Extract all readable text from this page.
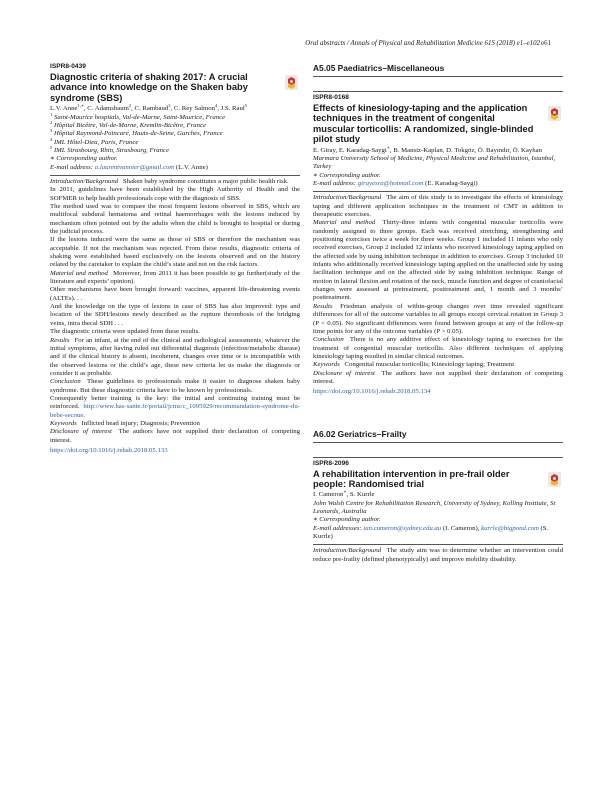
Oral abstracts / Annals of Physical and Rehabilitation Medicine 61S (2018) e1–e102 e61
ISPR8-0439
Diagnostic criteria of shaking 2017: A crucial advance into knowledge on the Shaken baby syndrome (SBS)
L.V. Anne$^{1,∗}$, C. Adamsbaum$^2$, C. Rambaud$^3$, C. Rey Salmon$^4$, J.S. Raul$^5$

$^1$ Saint-Maurice hospitals, Val-de-Marne, Saint-Maurice, France

$^2$ Hôpital Bicêtre, Val-de-Marne, Kremlin-Bicêtre, France

$^3$ Hôpital Raymond-Poincaré, Hauts-de-Seine, Garches, France

$^4$ IML Hôtel-Dieu, Paris, France

$^5$ IML Strasbourg, Rhin, Strasbourg, France

∗ Corresponding author.

E-mail address: a.laurentvannier@gmail.com (L.V. Anne)

Introduction/Background Shaken baby syndrome constitutes a major public health risk.

In 2011, guidelines have been established by the High Authority of Health and the SOFMER to help health professionals cope with the diagnosis of SBS.

The method used was to compare the most frequent lesions observed in SBS, which are multifocal subdural hematoma and retinal haemorrhages with the lesions induced by mechanism often pointed out by the adults when the child is brought to hospital or during the judicial process.

If the lesions induced were the same as those of SBS or therefore the mechanism was acceptable. If not the mechanism was rejected. From these results, diagnostic criteria of shaking were established based exclusively on the lesions observed and on the history related by the caretaker to explain the child’s state and not on the risk factors.

Material and method Moreover, from 2011 it has been possible to go further(study of the literature and experts’ opinion).

Other mechanisms have been brought forward: vaccines, apparent life-threatening events (ALTEs). . .

And the knowledge on the type of lesions in case of SBS has also improved: type and location of the SDH/lesions newly described as the rupture thrombosis of the bridging veins, intra thecal SDH . . .

The diagnostic criteria were updated from these results.

Results For an infant, at the end of the clinical and radiological assessments, whatever the initial symptoms, after having ruled out differential diagnosis (infection/metabolic disease) and if the clinical history is absent, incoherent, changes over time or is incompatible with the observed lesions or the child’s age, these new criteria let us make the diagnosis or consider it as probable.

Conclusion These guidelines to professionals make it easier to diagnose shaken baby syndrome. But these diagnostic criteria have to be known by professionals.

Consequently better training is the key: the initial and continuing training must be reinforced. http://www.has-sante.fr/portail/jcms/c_1095929/recommandation-syndrome-du-bebe-secoue.

Keywords Inflicted head injury; Diagnosis; Prevention

Disclosure of interest The authors have not supplied their declaration of competing interest.

https://doi.org/10.1016/j.rehab.2018.05.133
A5.05 Paediatrics–Miscellaneous
ISPR8-0168
Effects of kinesiology-taping and the application techniques in the treatment of congenital muscular torticollis: A randomized, single-blinded pilot study
E. Giray, E. Karadag-Saygi∗, B. Mansiz-Kaplan, D. Tokgöz, Ö. Bayındır, Ö. Kayhan

Marmara University School of Medicine, Physical Medicine and Rehabilitation, Istanbul, Turkey

∗ Corresponding author.

E-mail address: girayesra@hotmail.com (E. Karadag-Saygi)

Introduction/Background The aim of this study is to investigate the effects of kinesiology taping and different application techniques in the treatment of CMT in addition to therapeutic exercises.

Material and method Thirty-three infants with congenital muscular torticollis were randomly assigned to three groups. Each was received stretching, strengthening and positioning exercises twice a week for three weeks. Group 1 included 11 infants who only received exercises, Group 2 included 12 infants who received kinesiology taping applied on the affected side by using inhibition technique in addition to exercises. Group 3 included 10 infants who additionally received kinesiology taping applied on the unaffected side by using facilitation technique and on the affected side by using inhibition technique. Range of motion in lateral flexion and rotation of the neck, muscle function and degree of craniofacial changes were assessed at pretreatment, posttreatment and, 1 month and 3 months’ posttreatment.

Results Friedman analysis of within-group changes over time revealed significant differences for all of the outcome variables in all groups except cervical rotation in Group 3 (P < 0.05). No significant differences were found between groups at any of the follow-up time points for any of the outcome variables (P > 0.05).

Conclusion There is no any additive effect of kinesiology taping to exercises for the treatment of congenital muscular torticollis. Also different techniques of applying kinesiology taping resulted in similar clinical outcomes.

Keywords Congenital muscular torticollis; Kinesiology taping; Treatment

Disclosure of interest The authors have not supplied their declaration of competing interest.

https://doi.org/10.1016/j.rehab.2018.05.134
A6.02 Geriatrics–Frailty
ISPR8-2096
A rehabilitation intervention in pre-frail older people: Randomised trial
I. Cameron∗, S. Kurrle

John Walsh Centre for Rehabilitation Research, University of Sydney, Kolling Institute, St Leonards, Australia

∗ Corresponding author.

E-mail addresses: ian.cameron@sydney.edu.au (I. Cameron), kurrle@bigpond.com (S. Kurrle)

Introduction/Background The study aim was to determine whether an intervention could reduce pre-frailty (defined phenotypically) and improve mobility disability.
